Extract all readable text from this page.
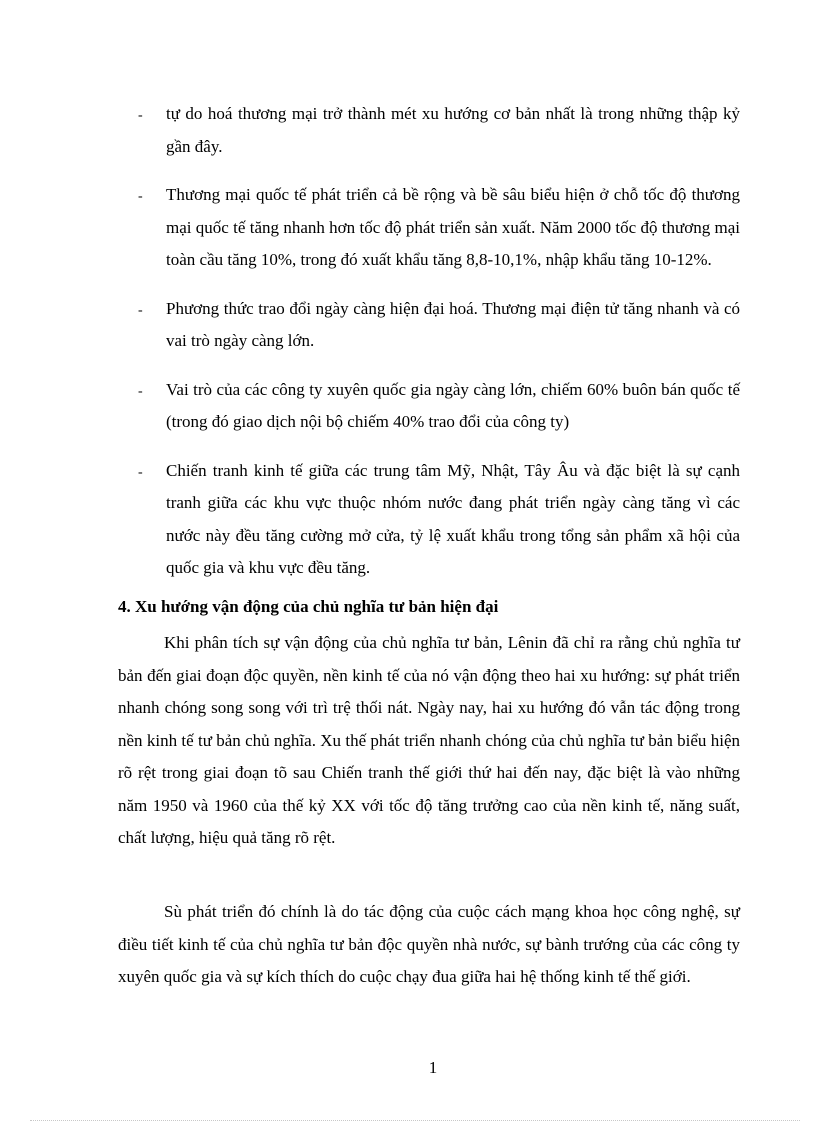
- tự do hoá thương mại trở thành mét xu hướng cơ bản nhất là trong những thập kỷ gần đây.
- Thương mại quốc tế phát triển cả bề rộng và bề sâu biểu hiện ở chỗ tốc độ thương mại quốc tế tăng nhanh hơn tốc độ phát triển sản xuất. Năm 2000 tốc độ thương mại toàn cầu tăng 10%, trong đó xuất khẩu tăng 8,8-10,1%, nhập khẩu tăng 10-12%.
- Phương thức trao đổi ngày càng hiện đại hoá. Thương mại điện tử tăng nhanh và có vai trò ngày càng lớn.
- Vai trò của các công ty xuyên quốc gia ngày càng lớn, chiếm 60% buôn bán quốc tế (trong đó giao dịch nội bộ chiếm 40% trao đổi của công ty)
- Chiến tranh kinh tế giữa các trung tâm Mỹ, Nhật, Tây Âu và đặc biệt là sự cạnh tranh giữa các khu vực thuộc nhóm nước đang phát triển ngày càng tăng vì các nước này đều tăng cường mở cửa, tỷ lệ xuất khẩu trong tổng sản phẩm xã hội của quốc gia và khu vực đều tăng.
4. Xu hướng vận động của chủ nghĩa tư bản hiện đại

Khi phân tích sự vận động của chủ nghĩa tư bản, Lênin đã chỉ ra rằng chủ nghĩa tư bản đến giai đoạn độc quyền, nền kinh tế của nó vận động theo hai xu hướng: sự phát triển nhanh chóng song song với trì trệ thối nát. Ngày nay, hai xu hướng đó vẫn tác động trong nền kinh tế tư bản chủ nghĩa. Xu thế phát triển nhanh chóng của chủ nghĩa tư bản biểu hiện rõ rệt trong giai đoạn tõ sau Chiến tranh thế giới thứ hai đến nay, đặc biệt là vào những năm 1950 và 1960 của thế kỷ XX với tốc độ tăng trưởng cao của nền kinh tế, năng suất, chất lượng, hiệu quả tăng rõ rệt.

Sù phát triển đó chính là do tác động của cuộc cách mạng khoa học công nghệ, sự điều tiết kinh tế của chủ nghĩa tư bản độc quyền nhà nước, sự bành trướng của các công ty xuyên quốc gia và sự kích thích do cuộc chạy đua giữa hai hệ thống kinh tế thế giới.

1
